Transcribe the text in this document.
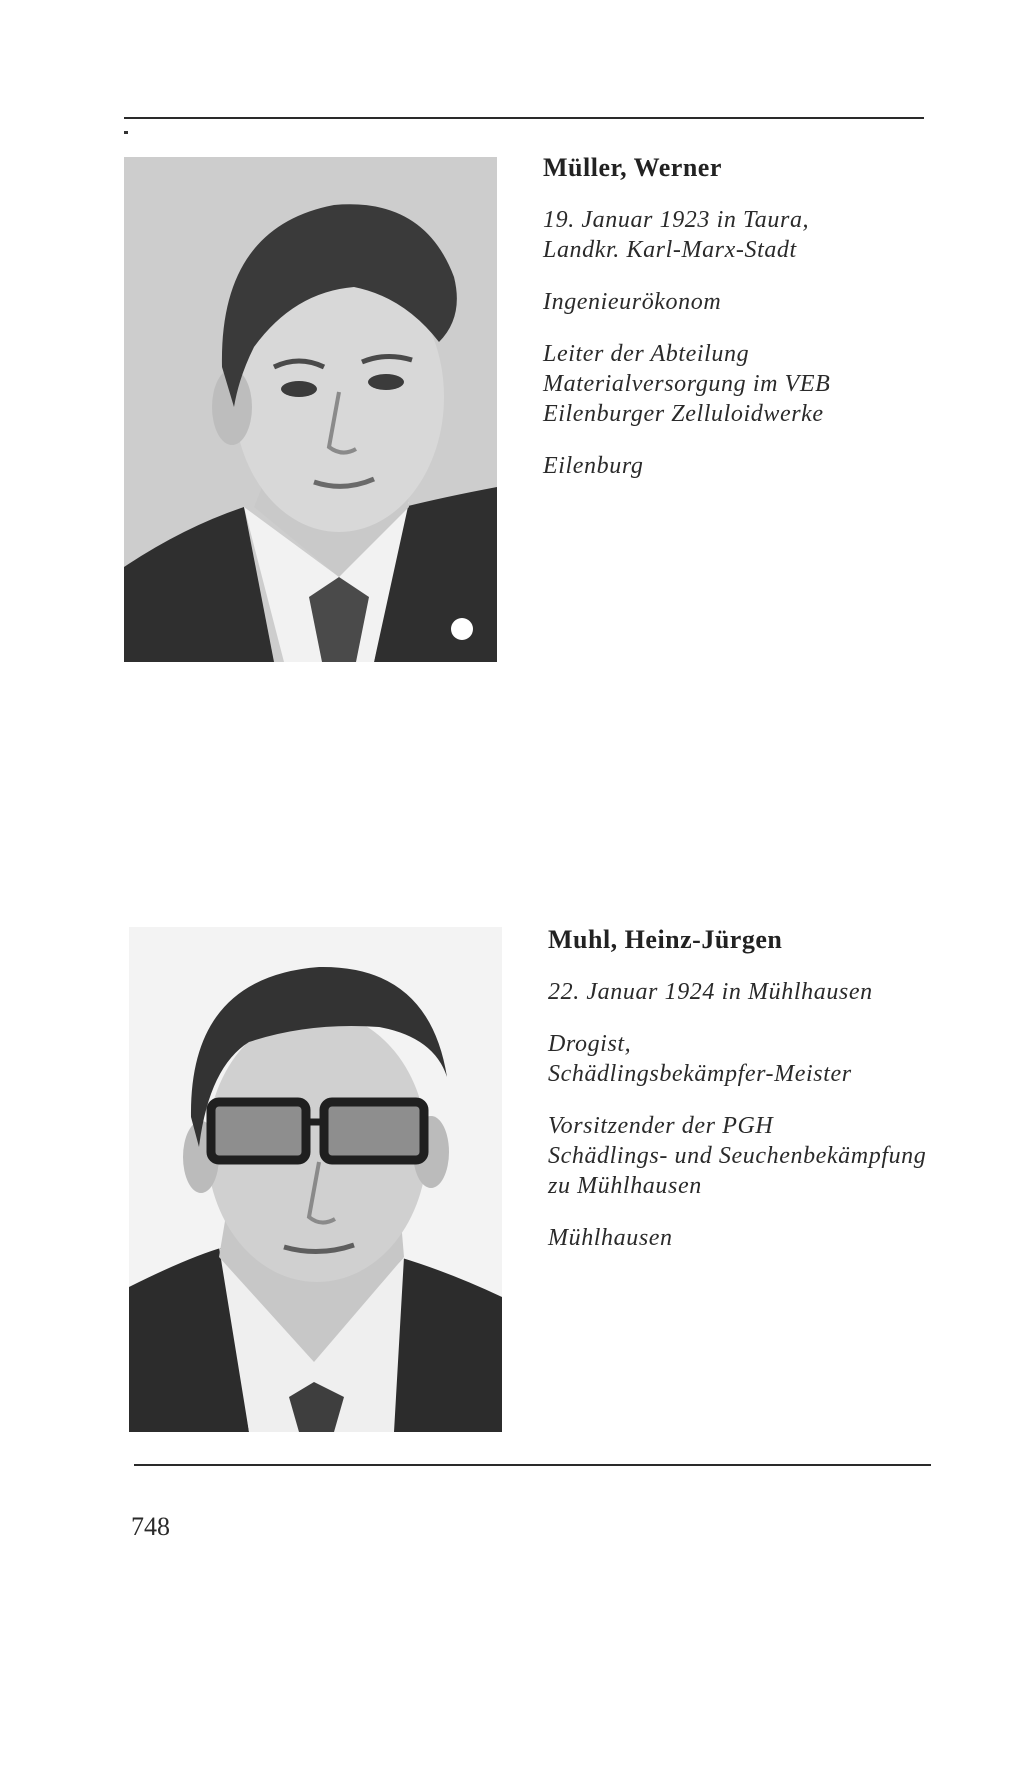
Müller, Werner
19. Januar 1923 in Taura,
Landkr. Karl-Marx-Stadt
Ingenieurökonom
Leiter der Abteilung
Materialversorgung im VEB
Eilenburger Zelluloidwerke
Eilenburg
Muhl, Heinz-Jürgen
22. Januar 1924 in Mühlhausen
Drogist,
Schädlingsbekämpfer-Meister
Vorsitzender der PGH
Schädlings- und Seuchenbekämpfung
zu Mühlhausen
Mühlhausen
748
